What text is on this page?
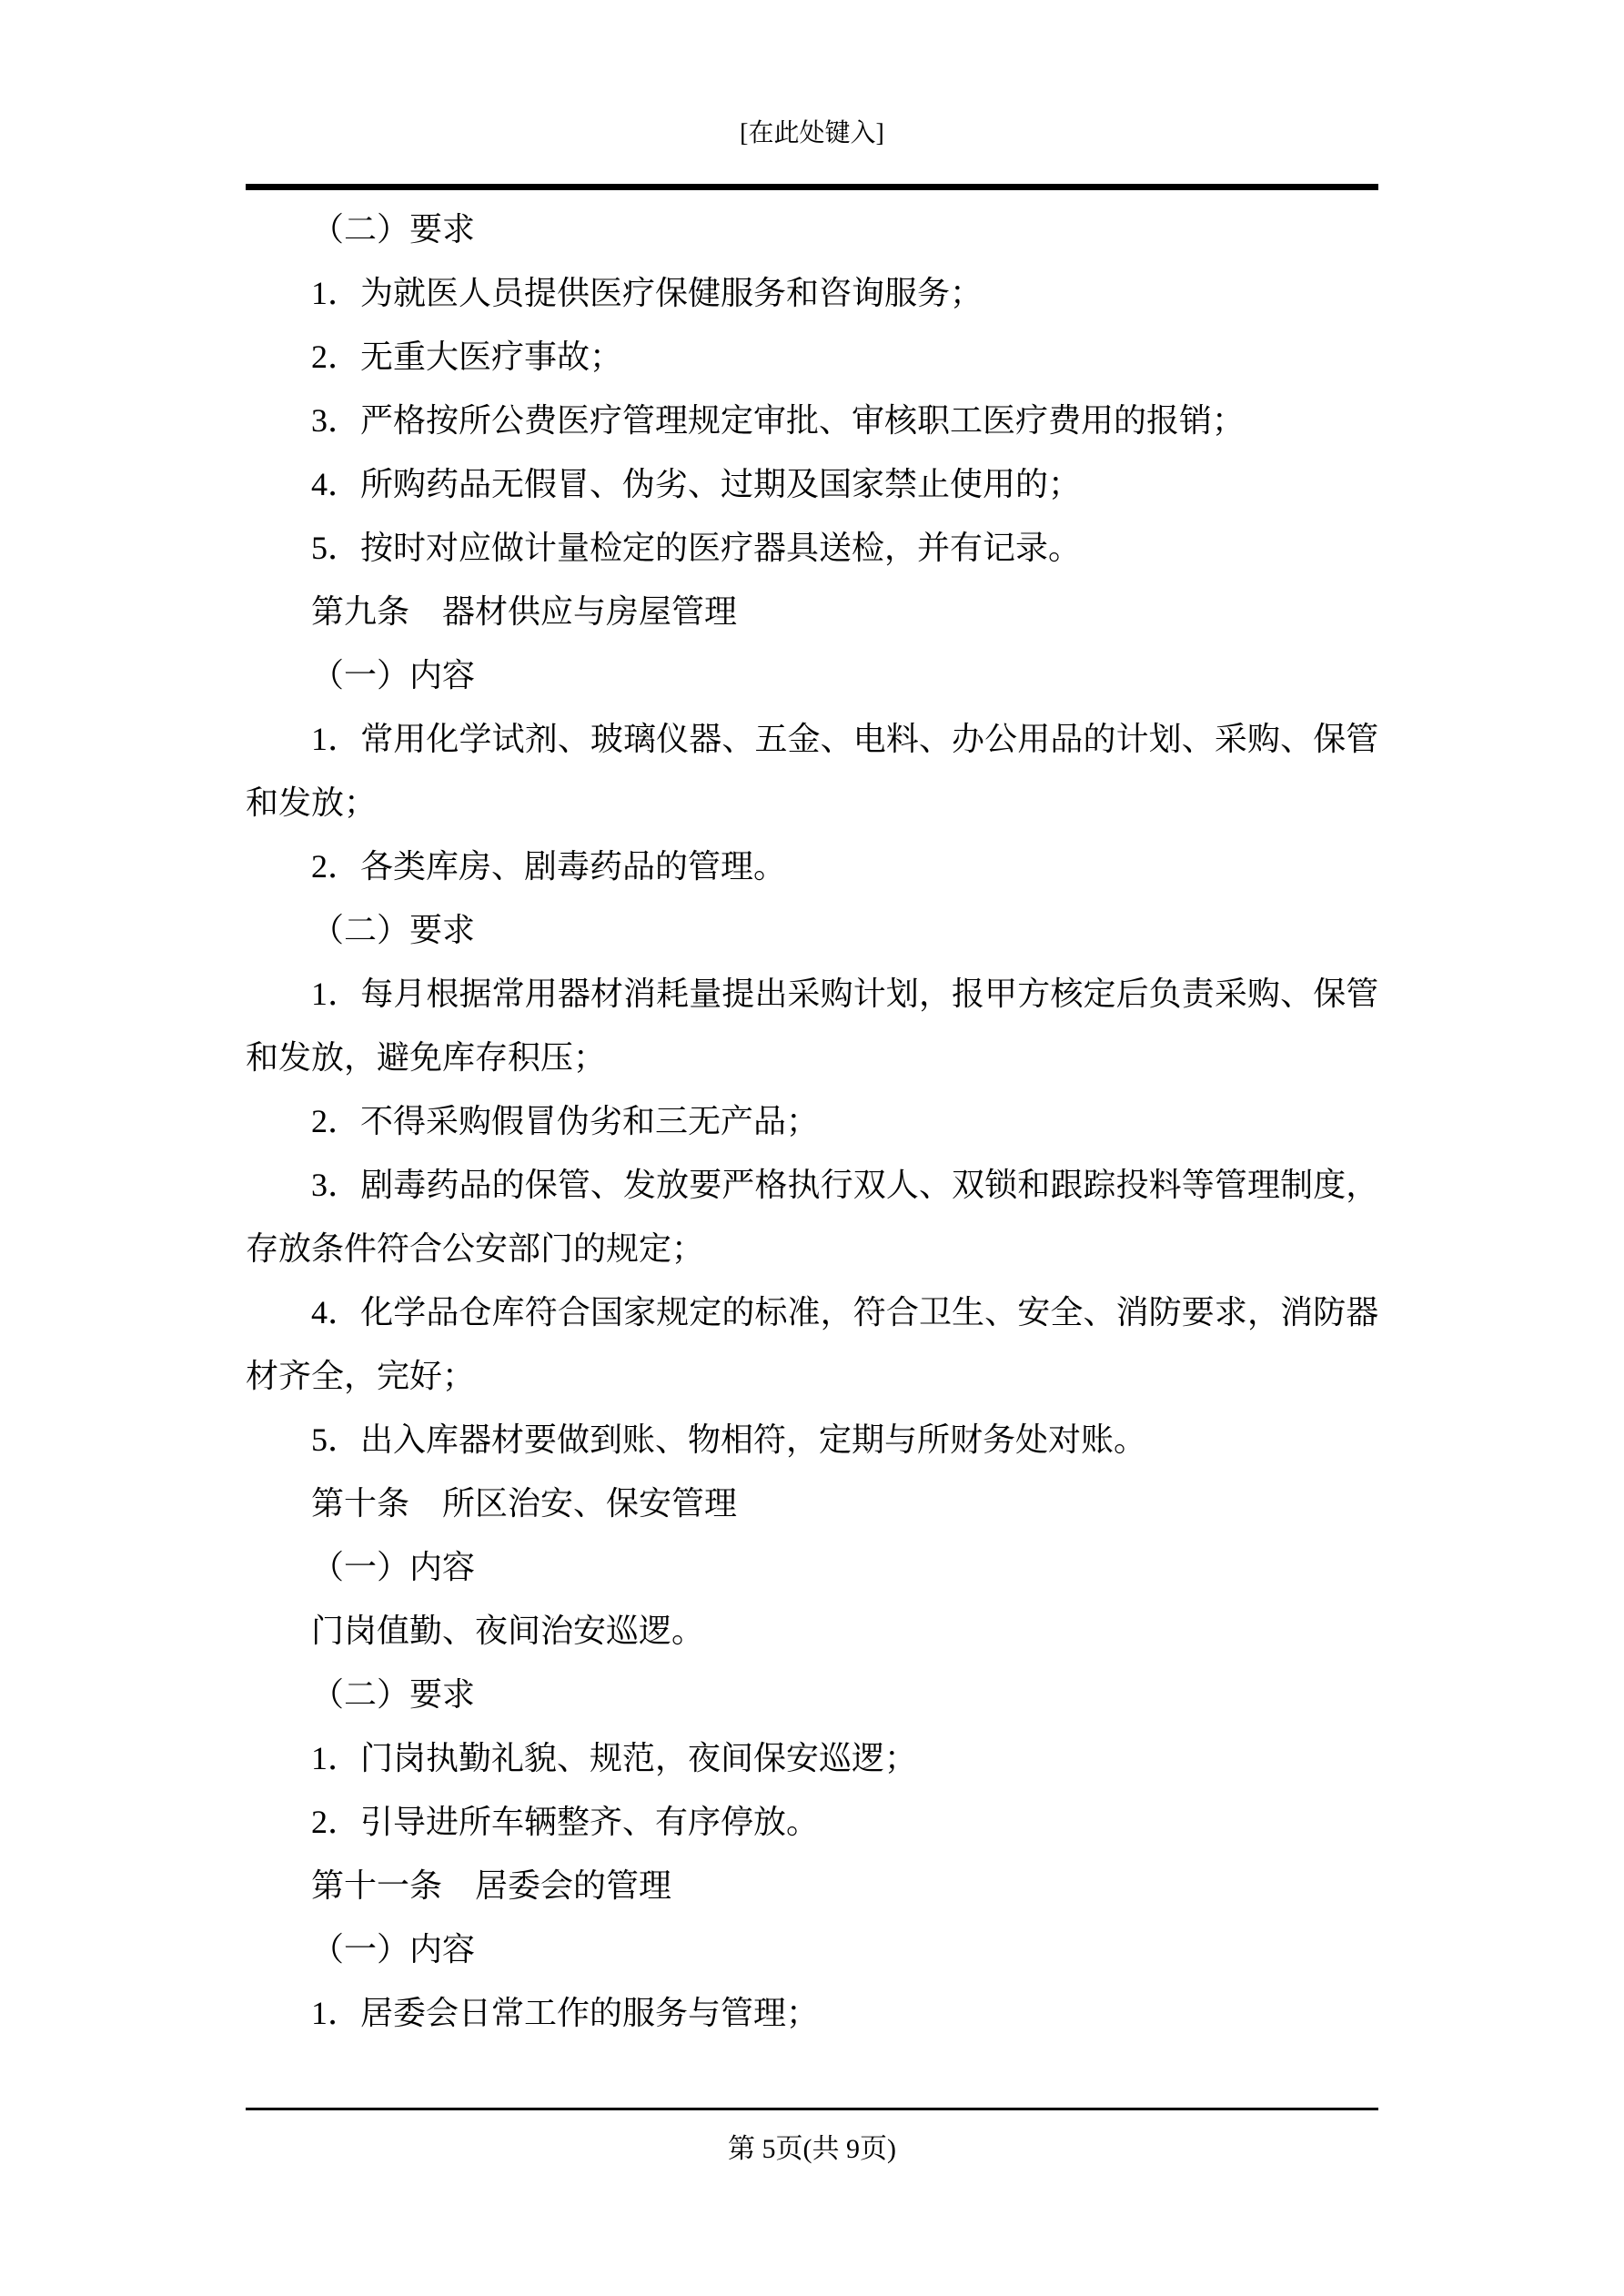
[在此处键入]
（二）要求
1．为就医人员提供医疗保健服务和咨询服务；
2．无重大医疗事故；
3．严格按所公费医疗管理规定审批、审核职工医疗费用的报销；
4．所购药品无假冒、伪劣、过期及国家禁止使用的；
5．按时对应做计量检定的医疗器具送检，并有记录。
第九条　器材供应与房屋管理
（一）内容
1．常用化学试剂、玻璃仪器、五金、电料、办公用品的计划、采购、保管
和发放；
2．各类库房、剧毒药品的管理。
（二）要求
1．每月根据常用器材消耗量提出采购计划，报甲方核定后负责采购、保管
和发放，避免库存积压；
2．不得采购假冒伪劣和三无产品；
3．剧毒药品的保管、发放要严格执行双人、双锁和跟踪投料等管理制度，
存放条件符合公安部门的规定；
4．化学品仓库符合国家规定的标准，符合卫生、安全、消防要求，消防器
材齐全，完好；
5．出入库器材要做到账、物相符，定期与所财务处对账。
第十条　所区治安、保安管理
（一）内容
门岗值勤、夜间治安巡逻。
（二）要求
1．门岗执勤礼貌、规范，夜间保安巡逻；
2．引导进所车辆整齐、有序停放。
第十一条　居委会的管理
（一）内容
1．居委会日常工作的服务与管理；
第 5页(共 9页)
